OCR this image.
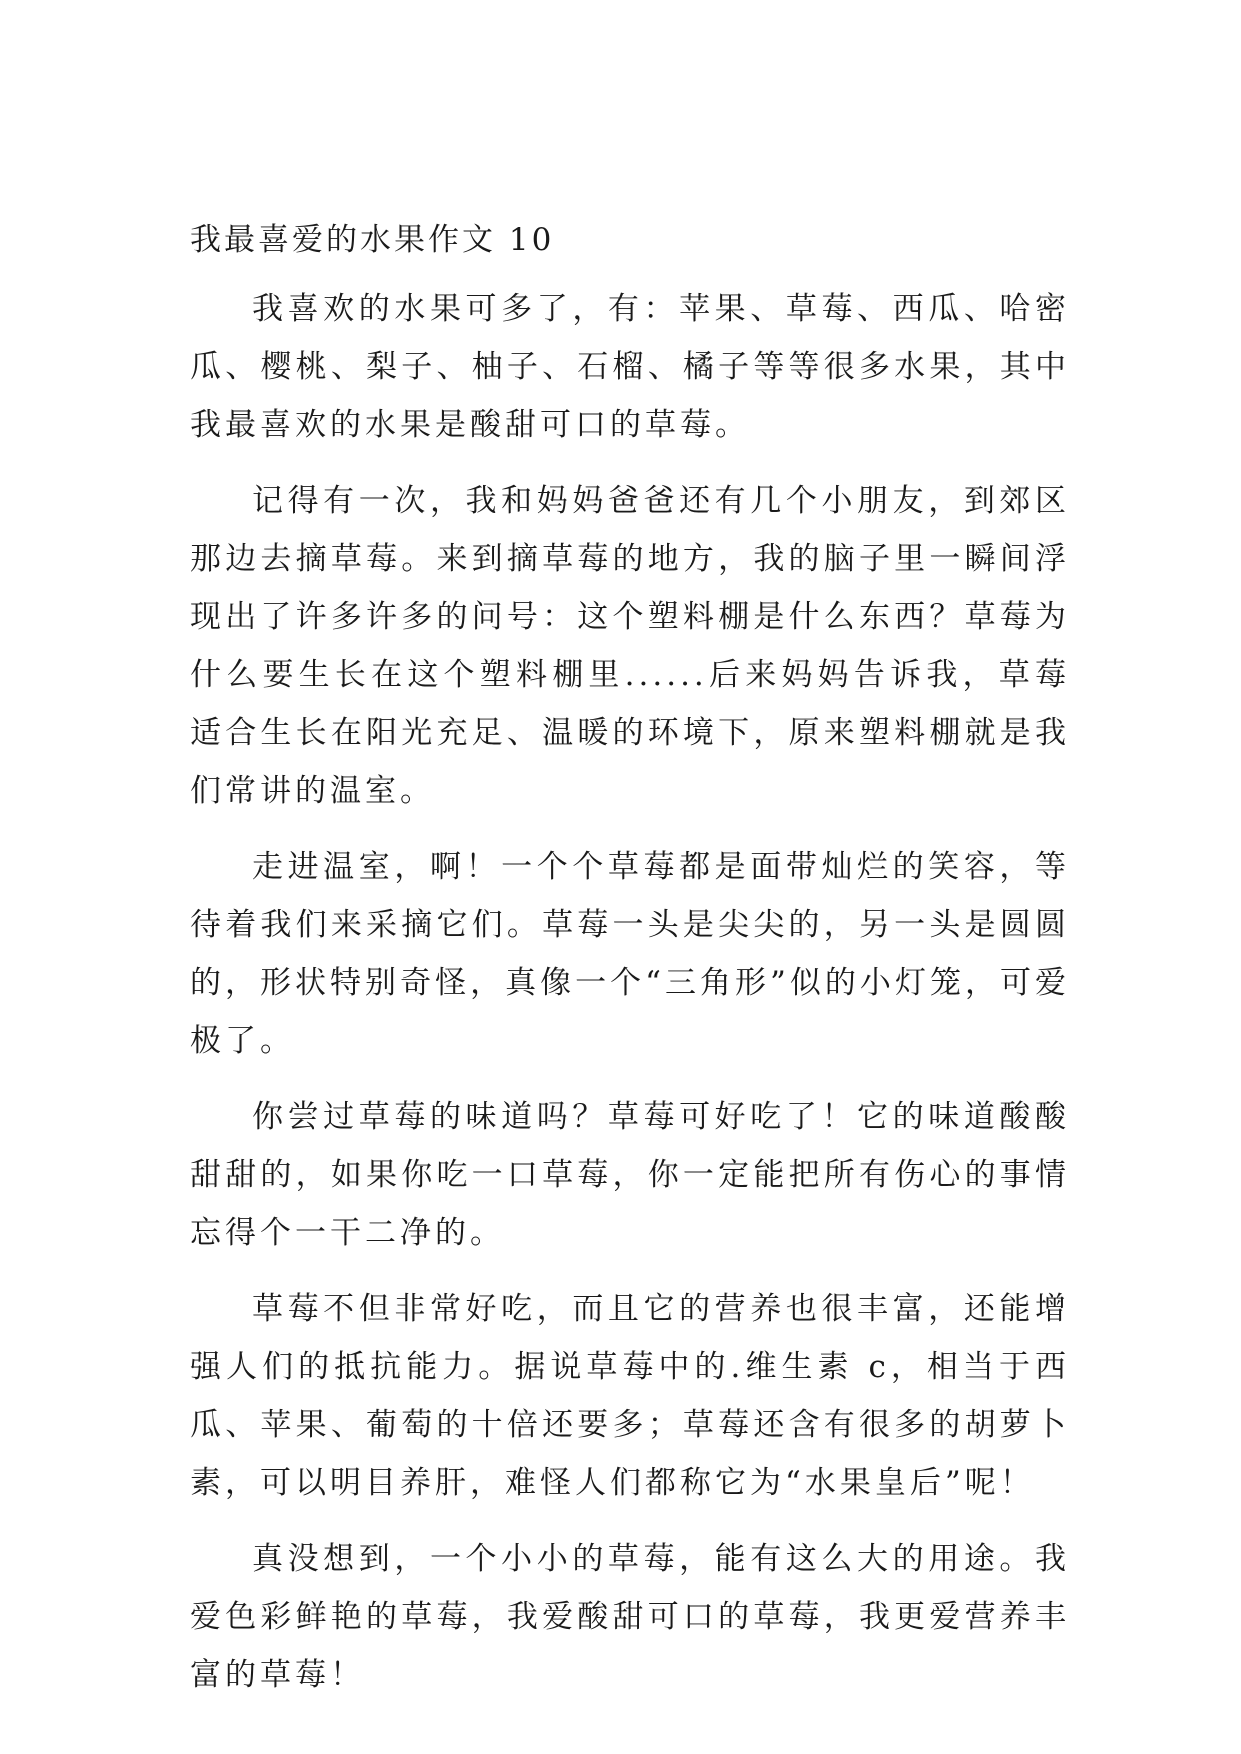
我最喜爱的水果作文 10

我喜欢的水果可多了，有：苹果、草莓、西瓜、哈密瓜、樱桃、梨子、柚子、石榴、橘子等等很多水果，其中我最喜欢的水果是酸甜可口的草莓。

记得有一次，我和妈妈爸爸还有几个小朋友，到郊区那边去摘草莓。来到摘草莓的地方，我的脑子里一瞬间浮现出了许多许多的问号：这个塑料棚是什么东西？草莓为什么要生长在这个塑料棚里......后来妈妈告诉我，草莓适合生长在阳光充足、温暖的环境下，原来塑料棚就是我们常讲的温室。

走进温室，啊！一个个草莓都是面带灿烂的笑容，等待着我们来采摘它们。草莓一头是尖尖的，另一头是圆圆的，形状特别奇怪，真像一个“三角形”似的小灯笼，可爱极了。

你尝过草莓的味道吗？草莓可好吃了！它的味道酸酸甜甜的，如果你吃一口草莓，你一定能把所有伤心的事情忘得个一干二净的。

草莓不但非常好吃，而且它的营养也很丰富，还能增强人们的抵抗能力。据说草莓中的.维生素 c，相当于西瓜、苹果、葡萄的十倍还要多；草莓还含有很多的胡萝卜素，可以明目养肝，难怪人们都称它为“水果皇后”呢！

真没想到，一个小小的草莓，能有这么大的用途。我爱色彩鲜艳的草莓，我爱酸甜可口的草莓，我更爱营养丰富的草莓！
